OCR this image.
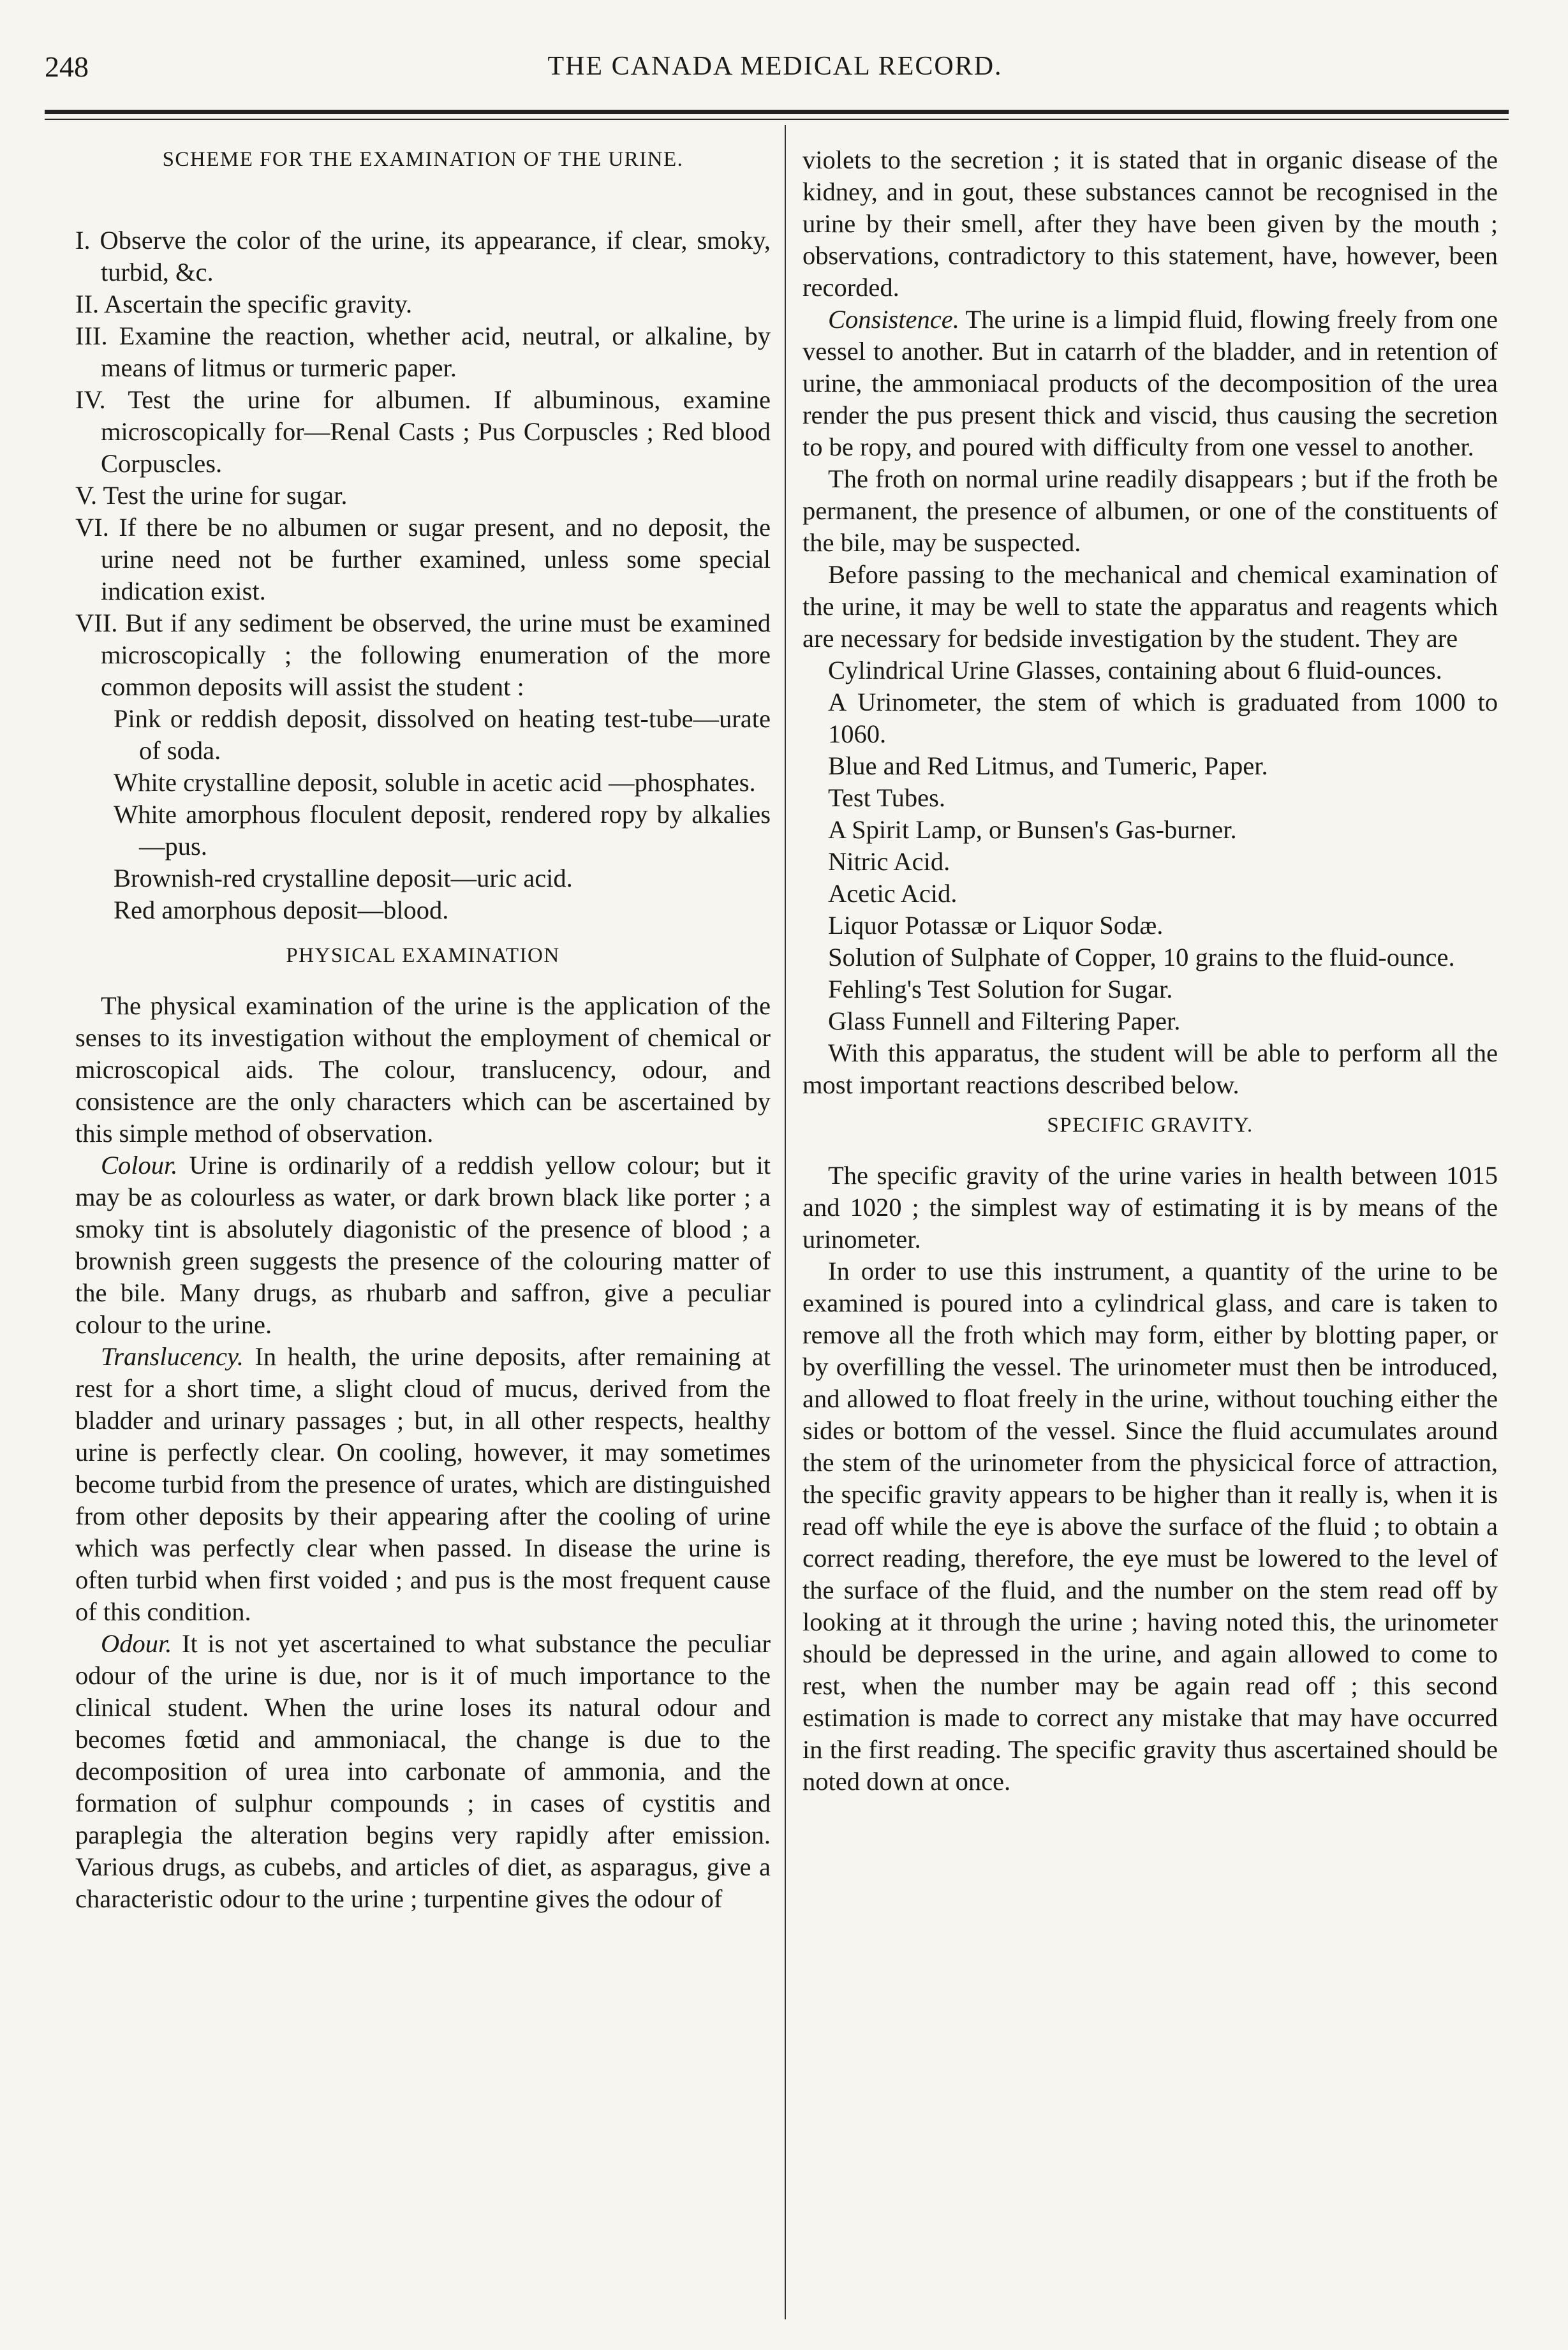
248	THE CANADA MEDICAL RECORD.

SCHEME FOR THE EXAMINATION OF THE URINE.

I. Observe the color of the urine, its appearance, if clear, smoky, turbid, &c.

II. Ascertain the specific gravity.

III. Examine the reaction, whether acid, neutral, or alkaline, by means of litmus or turmeric paper.

IV. Test the urine for albumen. If albuminous, examine microscopically for—Renal Casts ; Pus Corpuscles ; Red blood Corpuscles.

V. Test the urine for sugar.

VI. If there be no albumen or sugar present, and no deposit, the urine need not be further examined, unless some special indication exist.

VII. But if any sediment be observed, the urine must be examined microscopically ; the following enumeration of the more common deposits will assist the student :

Pink or reddish deposit, dissolved on heating test-tube—urate of soda.

White crystalline deposit, soluble in acetic acid —phosphates.

White amorphous floculent deposit, rendered ropy by alkalies—pus.

Brownish-red crystalline deposit—uric acid.

Red amorphous deposit—blood.

PHYSICAL EXAMINATION

The physical examination of the urine is the application of the senses to its investigation without the employment of chemical or microscopical aids. The colour, translucency, odour, and consistence are the only characters which can be ascertained by this simple method of observation.

Colour. Urine is ordinarily of a reddish yellow colour; but it may be as colourless as water, or dark brown black like porter ; a smoky tint is absolutely diagonistic of the presence of blood ; a brownish green suggests the presence of the colouring matter of the bile. Many drugs, as rhubarb and saffron, give a peculiar colour to the urine.

Translucency. In health, the urine deposits, after remaining at rest for a short time, a slight cloud of mucus, derived from the bladder and urinary passages ; but, in all other respects, healthy urine is perfectly clear. On cooling, however, it may sometimes become turbid from the presence of urates, which are distinguished from other deposits by their appearing after the cooling of urine which was perfectly clear when passed. In disease the urine is often turbid when first voided ; and pus is the most frequent cause of this condition.

Odour. It is not yet ascertained to what substance the peculiar odour of the urine is due, nor is it of much importance to the clinical student. When the urine loses its natural odour and becomes fœtid and ammoniacal, the change is due to the decomposition of urea into carbonate of ammonia, and the formation of sulphur compounds ; in cases of cystitis and paraplegia the alteration begins very rapidly after emission. Various drugs, as cubebs, and articles of diet, as asparagus, give a characteristic odour to the urine ; turpentine gives the odour of

violets to the secretion ; it is stated that in organic disease of the kidney, and in gout, these substances cannot be recognised in the urine by their smell, after they have been given by the mouth ; observations, contradictory to this statement, have, however, been recorded.

Consistence. The urine is a limpid fluid, flowing freely from one vessel to another. But in catarrh of the bladder, and in retention of urine, the ammoniacal products of the decomposition of the urea render the pus present thick and viscid, thus causing the secretion to be ropy, and poured with difficulty from one vessel to another.

The froth on normal urine readily disappears ; but if the froth be permanent, the presence of albumen, or one of the constituents of the bile, may be suspected.

Before passing to the mechanical and chemical examination of the urine, it may be well to state the apparatus and reagents which are necessary for bedside investigation by the student. They are

Cylindrical Urine Glasses, containing about 6 fluid-ounces.

A Urinometer, the stem of which is graduated from 1000 to 1060.

Blue and Red Litmus, and Tumeric, Paper.

Test Tubes.

A Spirit Lamp, or Bunsen's Gas-burner.

Nitric Acid.

Acetic Acid.

Liquor Potassæ or Liquor Sodæ.

Solution of Sulphate of Copper, 10 grains to the fluid-ounce.

Fehling's Test Solution for Sugar.

Glass Funnell and Filtering Paper.

With this apparatus, the student will be able to perform all the most important reactions described below.

SPECIFIC GRAVITY.

The specific gravity of the urine varies in health between 1015 and 1020 ; the simplest way of estimating it is by means of the urinometer.

In order to use this instrument, a quantity of the urine to be examined is poured into a cylindrical glass, and care is taken to remove all the froth which may form, either by blotting paper, or by overfilling the vessel. The urinometer must then be introduced, and allowed to float freely in the urine, without touching either the sides or bottom of the vessel. Since the fluid accumulates around the stem of the urinometer from the physicical force of attraction, the specific gravity appears to be higher than it really is, when it is read off while the eye is above the surface of the fluid ; to obtain a correct reading, therefore, the eye must be lowered to the level of the surface of the fluid, and the number on the stem read off by looking at it through the urine ; having noted this, the urinometer should be depressed in the urine, and again allowed to come to rest, when the number may be again read off ; this second estimation is made to correct any mistake that may have occurred in the first reading. The specific gravity thus ascertained should be noted down at once.
